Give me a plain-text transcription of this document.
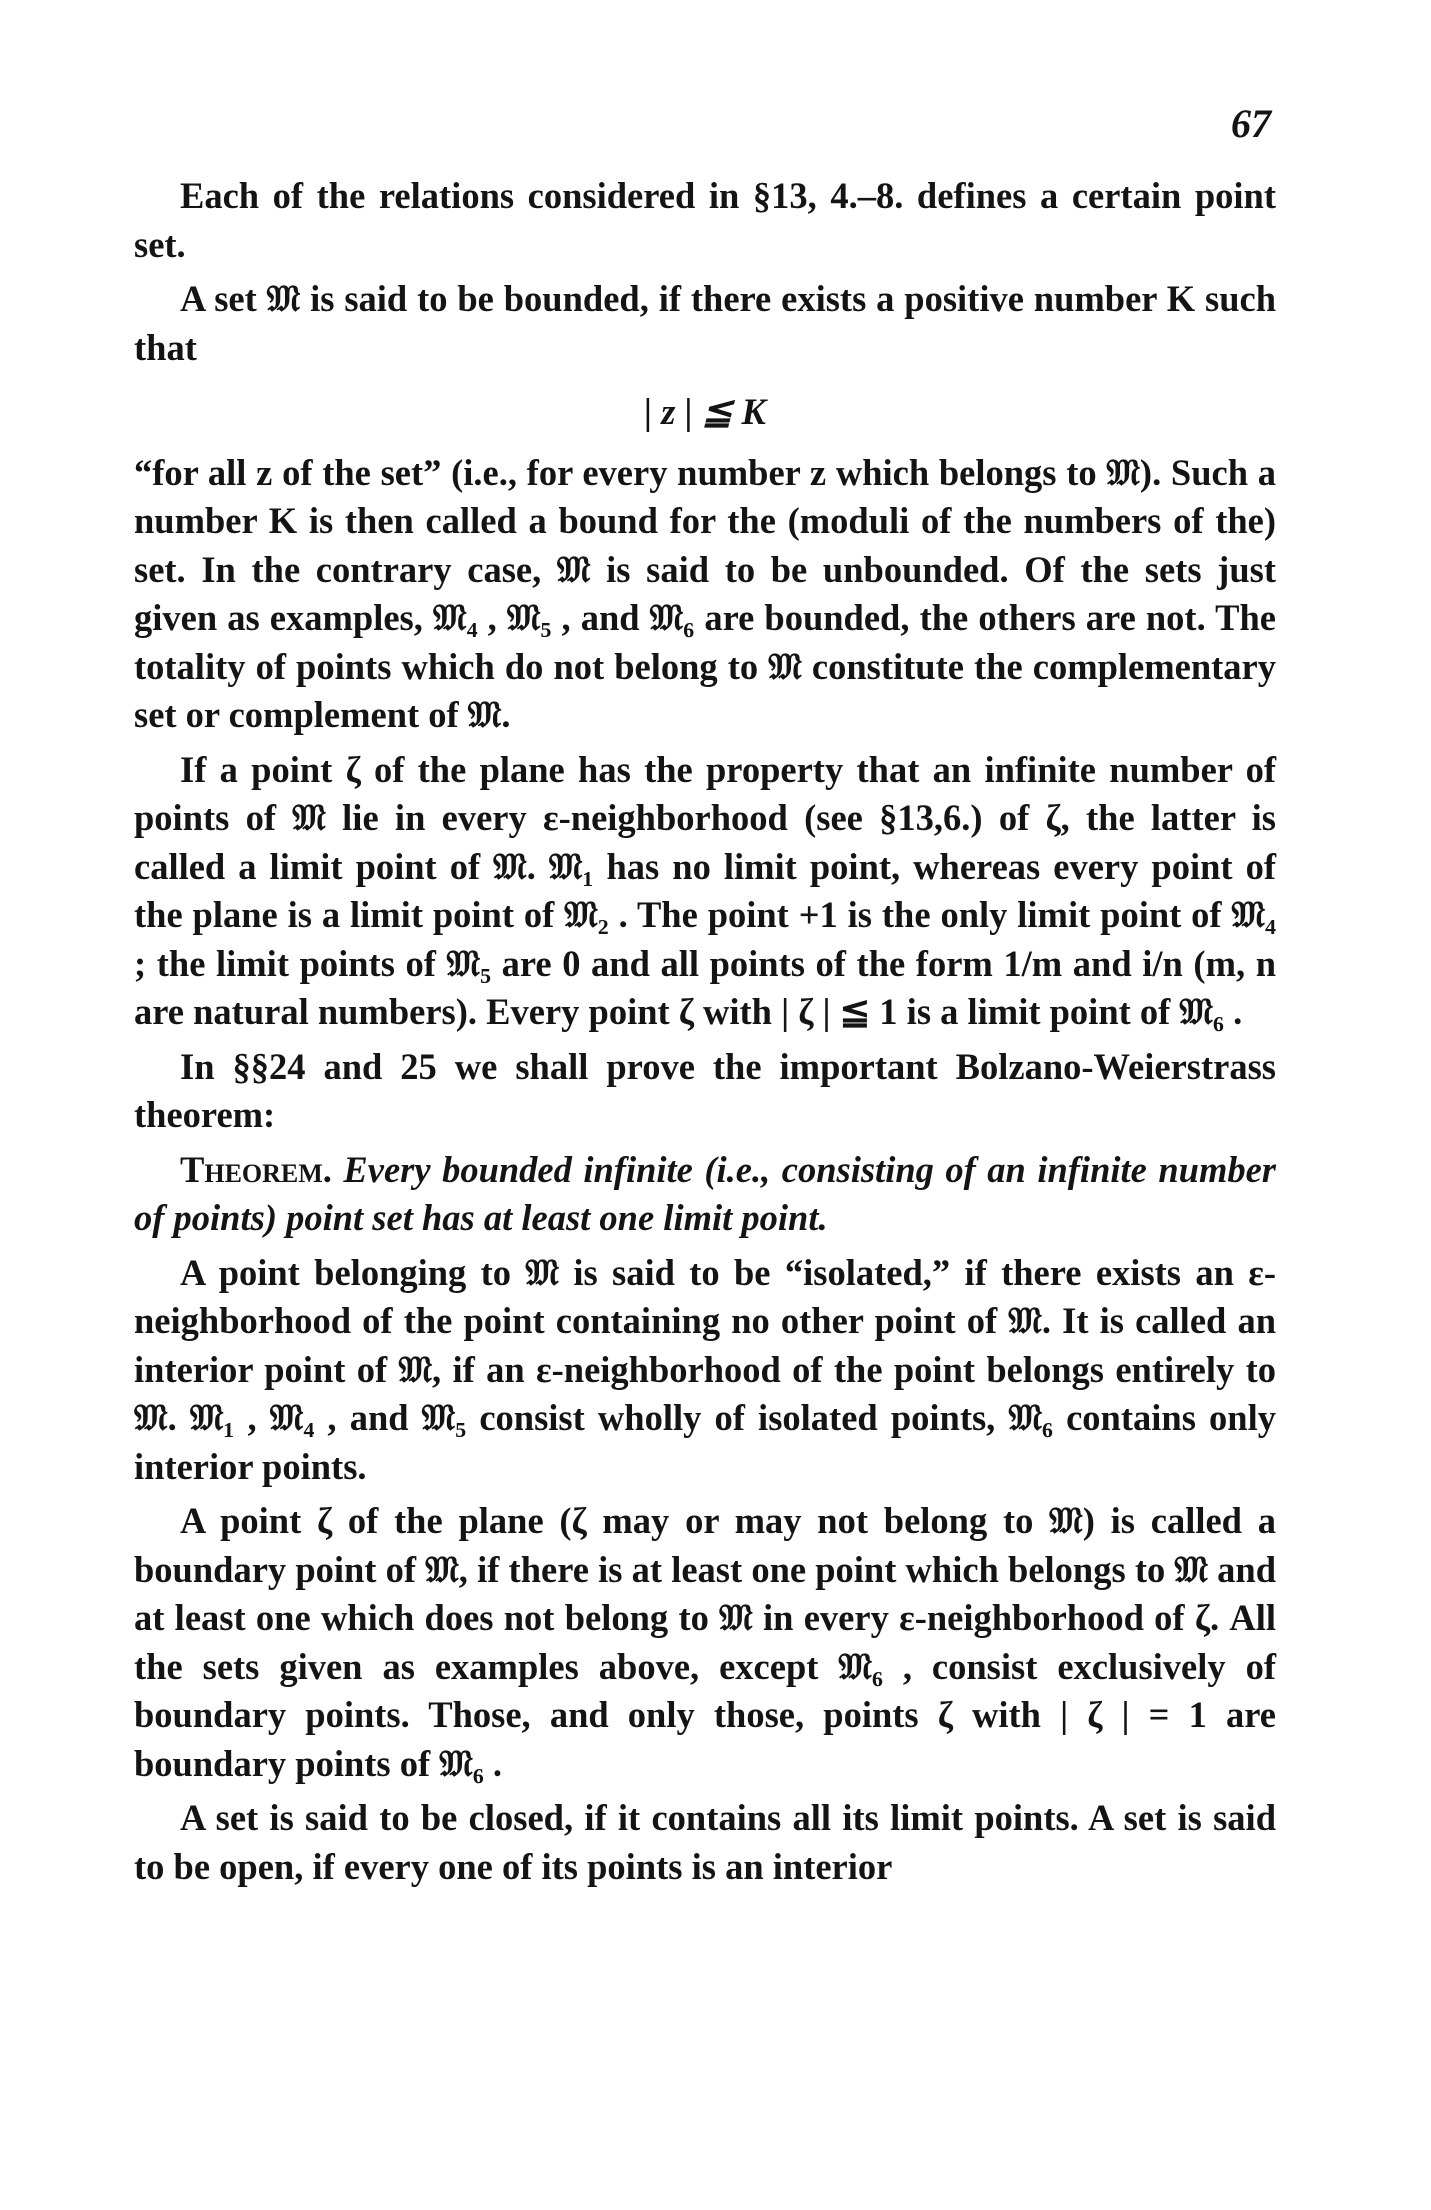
67

Each of the relations considered in §13, 4.–8. defines a certain point set.

A set 𝔐 is said to be bounded, if there exists a positive number K such that

| z | ≦ K

“for all z of the set” (i.e., for every number z which belongs to 𝔐). Such a number K is then called a bound for the (moduli of the numbers of the) set. In the contrary case, 𝔐 is said to be unbounded. Of the sets just given as examples, 𝔐₄ , 𝔐₅ , and 𝔐₆ are bounded, the others are not. The totality of points which do not belong to 𝔐 constitute the complementary set or complement of 𝔐.

If a point ζ of the plane has the property that an infinite number of points of 𝔐 lie in every ε-neighborhood (see §13,6.) of ζ, the latter is called a limit point of 𝔐. 𝔐₁ has no limit point, whereas every point of the plane is a limit point of 𝔐₂ . The point +1 is the only limit point of 𝔐₄ ; the limit points of 𝔐₅ are 0 and all points of the form 1/m and i/n (m, n are natural numbers). Every point ζ with | ζ | ≦ 1 is a limit point of 𝔐₆ .

In §§24 and 25 we shall prove the important Bolzano-Weierstrass theorem:

Theorem. Every bounded infinite (i.e., consisting of an infinite number of points) point set has at least one limit point.

A point belonging to 𝔐 is said to be “isolated,” if there exists an ε-neighborhood of the point containing no other point of 𝔐. It is called an interior point of 𝔐, if an ε-neighborhood of the point belongs entirely to 𝔐. 𝔐₁ , 𝔐₄ , and 𝔐₅ consist wholly of isolated points, 𝔐₆ contains only interior points.

A point ζ of the plane (ζ may or may not belong to 𝔐) is called a boundary point of 𝔐, if there is at least one point which belongs to 𝔐 and at least one which does not belong to 𝔐 in every ε-neighborhood of ζ. All the sets given as examples above, except 𝔐₆ , consist exclusively of boundary points. Those, and only those, points ζ with | ζ | = 1 are boundary points of 𝔐₆ .

A set is said to be closed, if it contains all its limit points. A set is said to be open, if every one of its points is an interior
